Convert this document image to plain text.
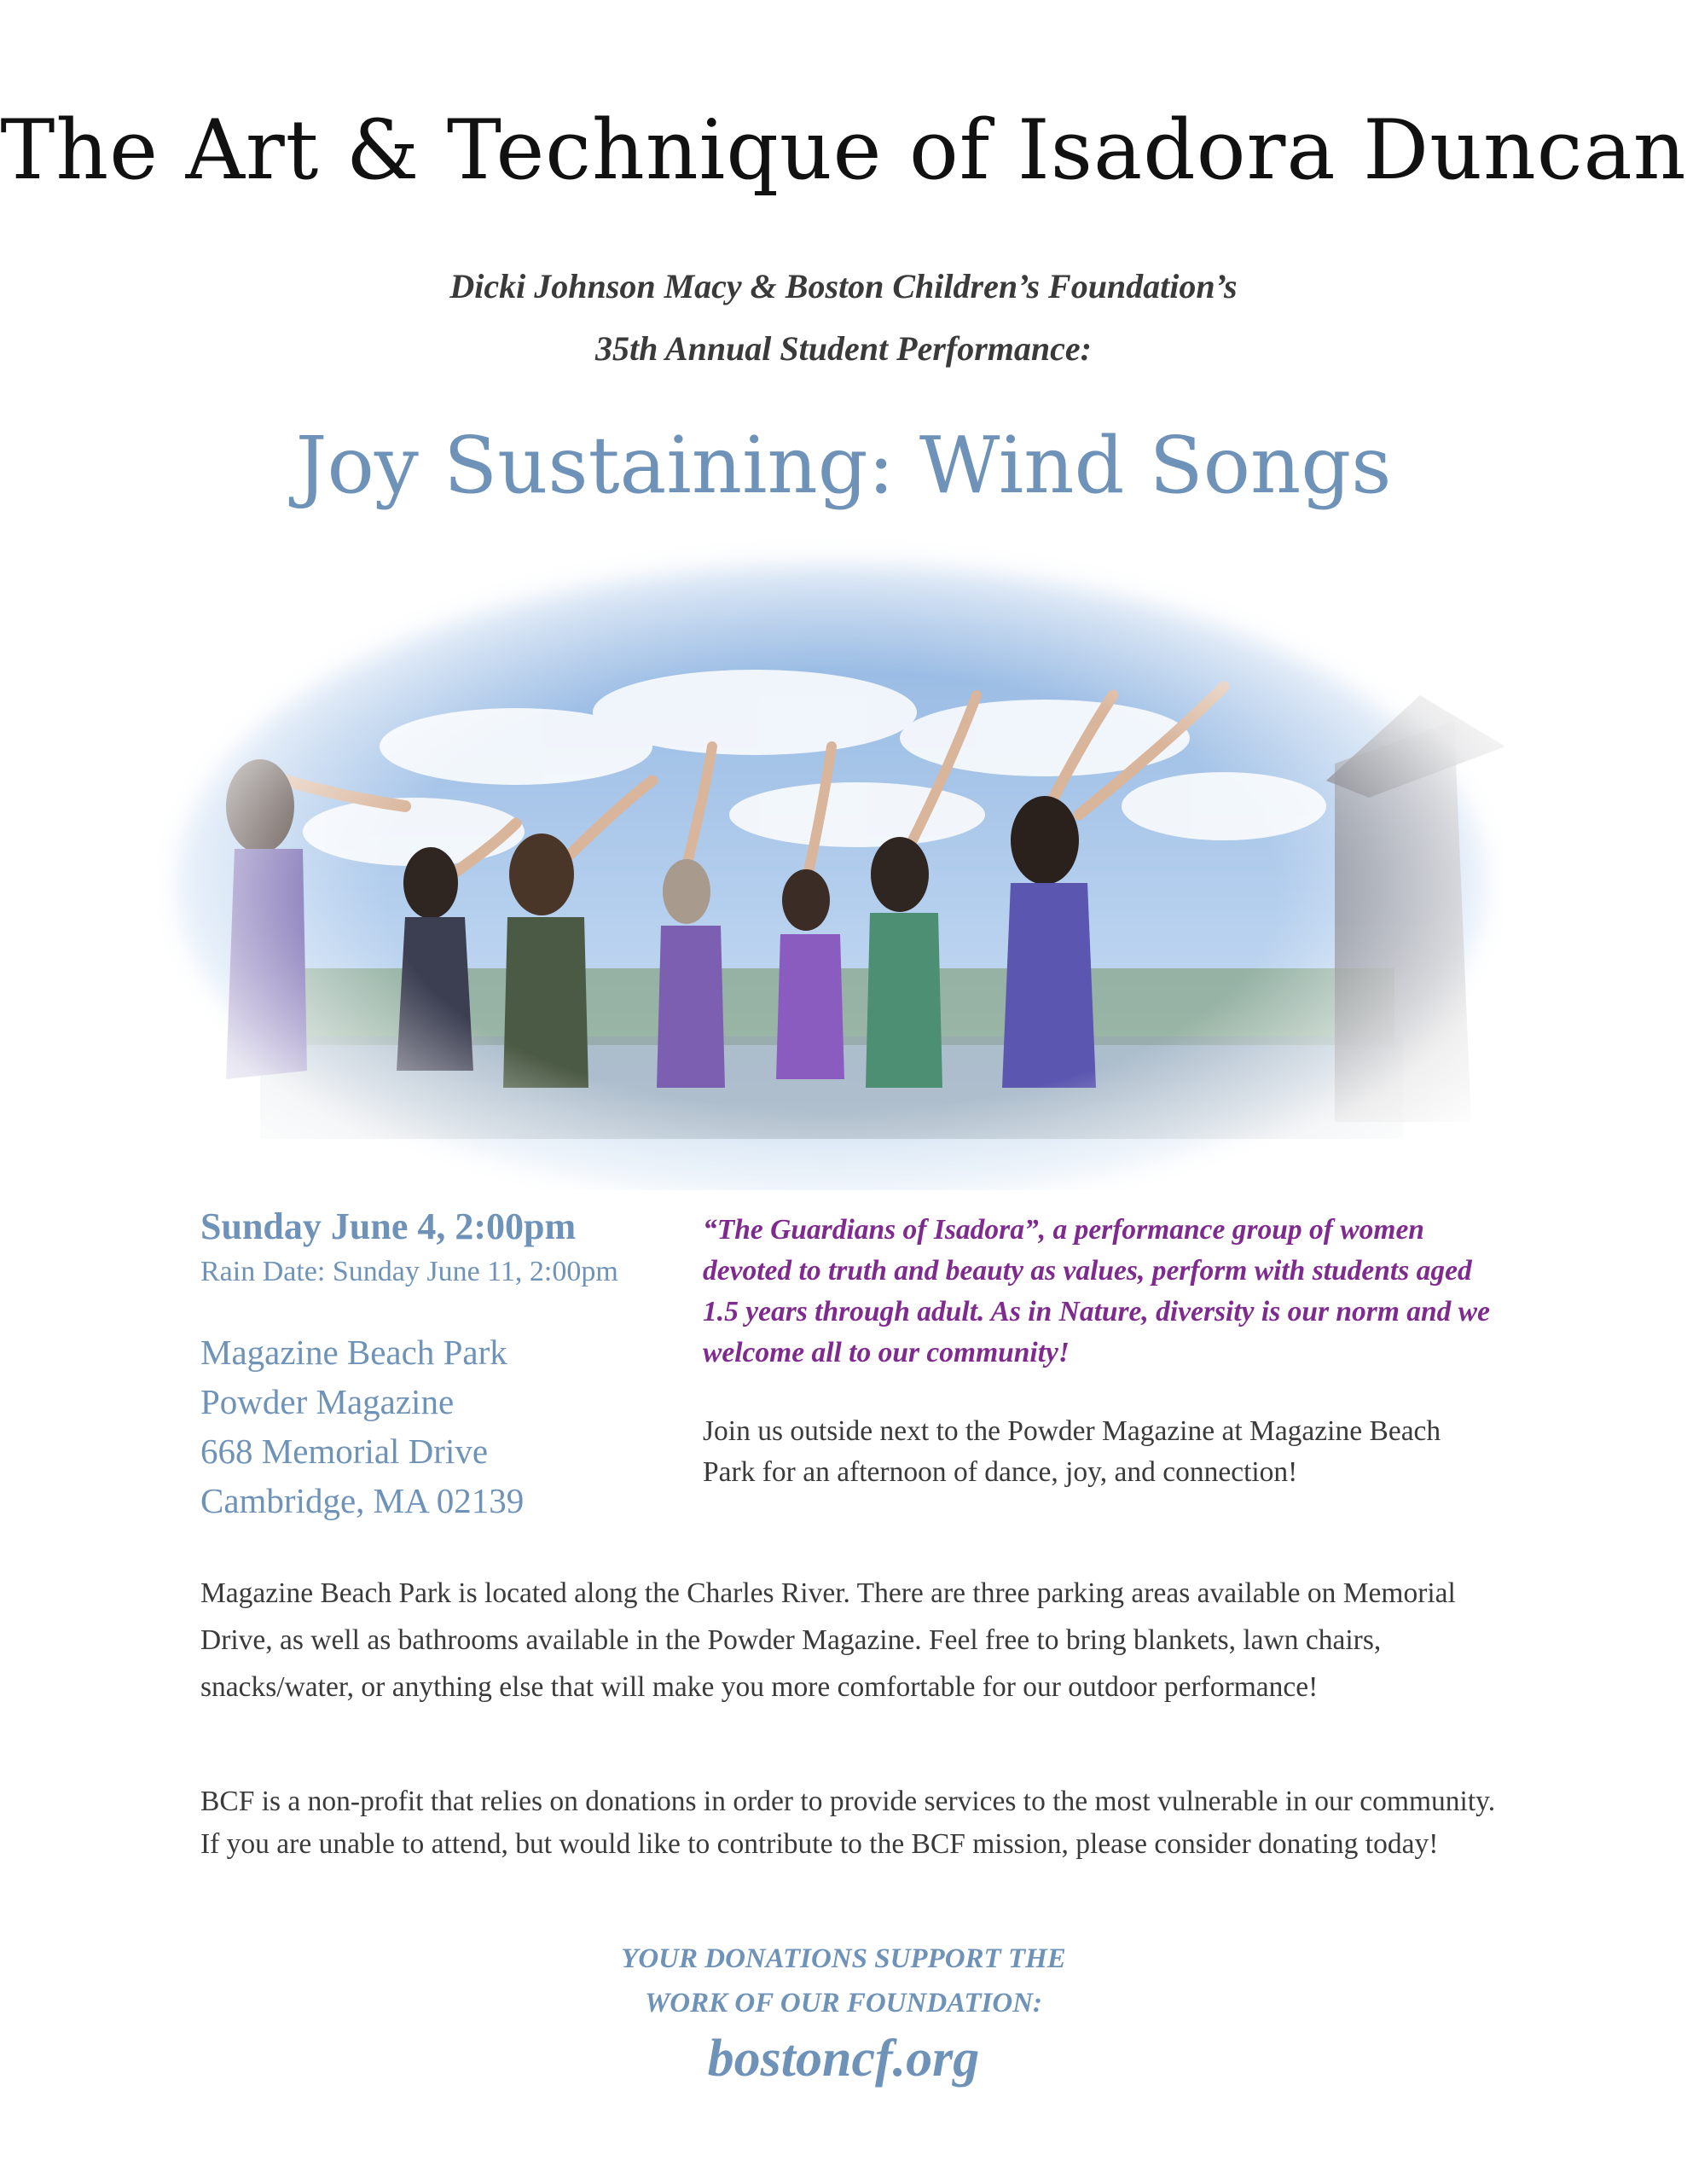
The Art & Technique of Isadora Duncan
Dicki Johnson Macy & Boston Children’s Foundation’s
35th Annual Student Performance:
Joy Sustaining: Wind Songs
Sunday June 4, 2:00pm
Rain Date: Sunday June 11, 2:00pm
Magazine Beach Park
Powder Magazine
668 Memorial Drive
Cambridge, MA 02139
“The Guardians of Isadora”, a performance group of women devoted to truth and beauty as values, perform with students aged 1.5 years through adult. As in Nature, diversity is our norm and we welcome all to our community!
Join us outside next to the Powder Magazine at Magazine Beach Park for an afternoon of dance, joy, and connection!
Magazine Beach Park is located along the Charles River. There are three parking areas available on Memorial Drive, as well as bathrooms available in the Powder Magazine. Feel free to bring blankets, lawn chairs, snacks/water, or anything else that will make you more comfortable for our outdoor performance!
BCF is a non-profit that relies on donations in order to provide services to the most vulnerable in our community. If you are unable to attend, but would like to contribute to the BCF mission, please consider donating today!
YOUR DONATIONS SUPPORT THE
WORK OF OUR FOUNDATION:
bostoncf.org
